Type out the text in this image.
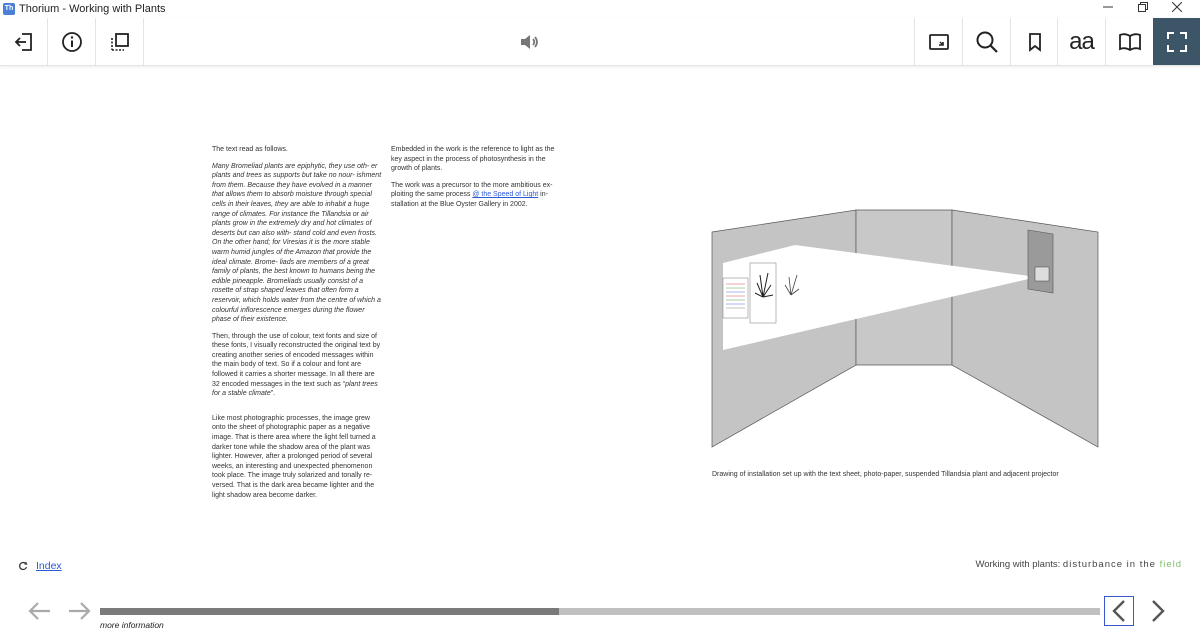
Th Thorium - Working with Plants
aa

The text read as follows.

Many Bromeliad plants are epiphytic, they use oth- er plants and trees as supports but take no nour- ishment from them. Because they have evolved in a manner that allows them to absorb moisture through special cells in their leaves, they are able to inhabit a huge range of climates. For instance the Tillandsia or air plants grow in the extremely dry and hot climates of deserts but can also with- stand cold and even frosts. On the other hand; for Viresias it is the more stable warm humid jungles of the Amazon that provide the ideal climate. Brome- liads are members of a great family of plants, the best known to humans being the edible pineapple. Bromeliads usually consist of a rosette of strap shaped leaves that often form a reservoir, which holds water from the centre of which a colourful inflorescence emerges during the flower phase of their existence.

Then, through the use of colour, text fonts and size of these fonts, I visually reconstructed the original text by creating another series of encoded messages within the main body of text. So if a colour and font are followed it carries a shorter message. In all there are 32 encoded messages in the text such as “plant trees for a stable climate”.

Like most photographic processes, the image grew onto the sheet of photographic paper as a negative image. That is there area where the light fell turned a darker tone while the shadow area of the plant was lighter. However, after a prolonged period of several weeks, an interesting and unexpected phenomenon took place. The image truly solarized and tonally re- versed. That is the dark area became lighter and the light shadow area become darker.

Embedded in the work is the reference to light as the key aspect in the process of photosynthesis in the growth of plants.

The work was a precursor to the more ambitious ex- ploiting the same process @ the Speed of Light in- stallation at the Blue Oyster Gallery in 2002.

Drawing of installation set up with the text sheet, photo-paper, suspended Tillandsia plant and adjacent projector
Index	Working with plants: disturbance in the field
more information
